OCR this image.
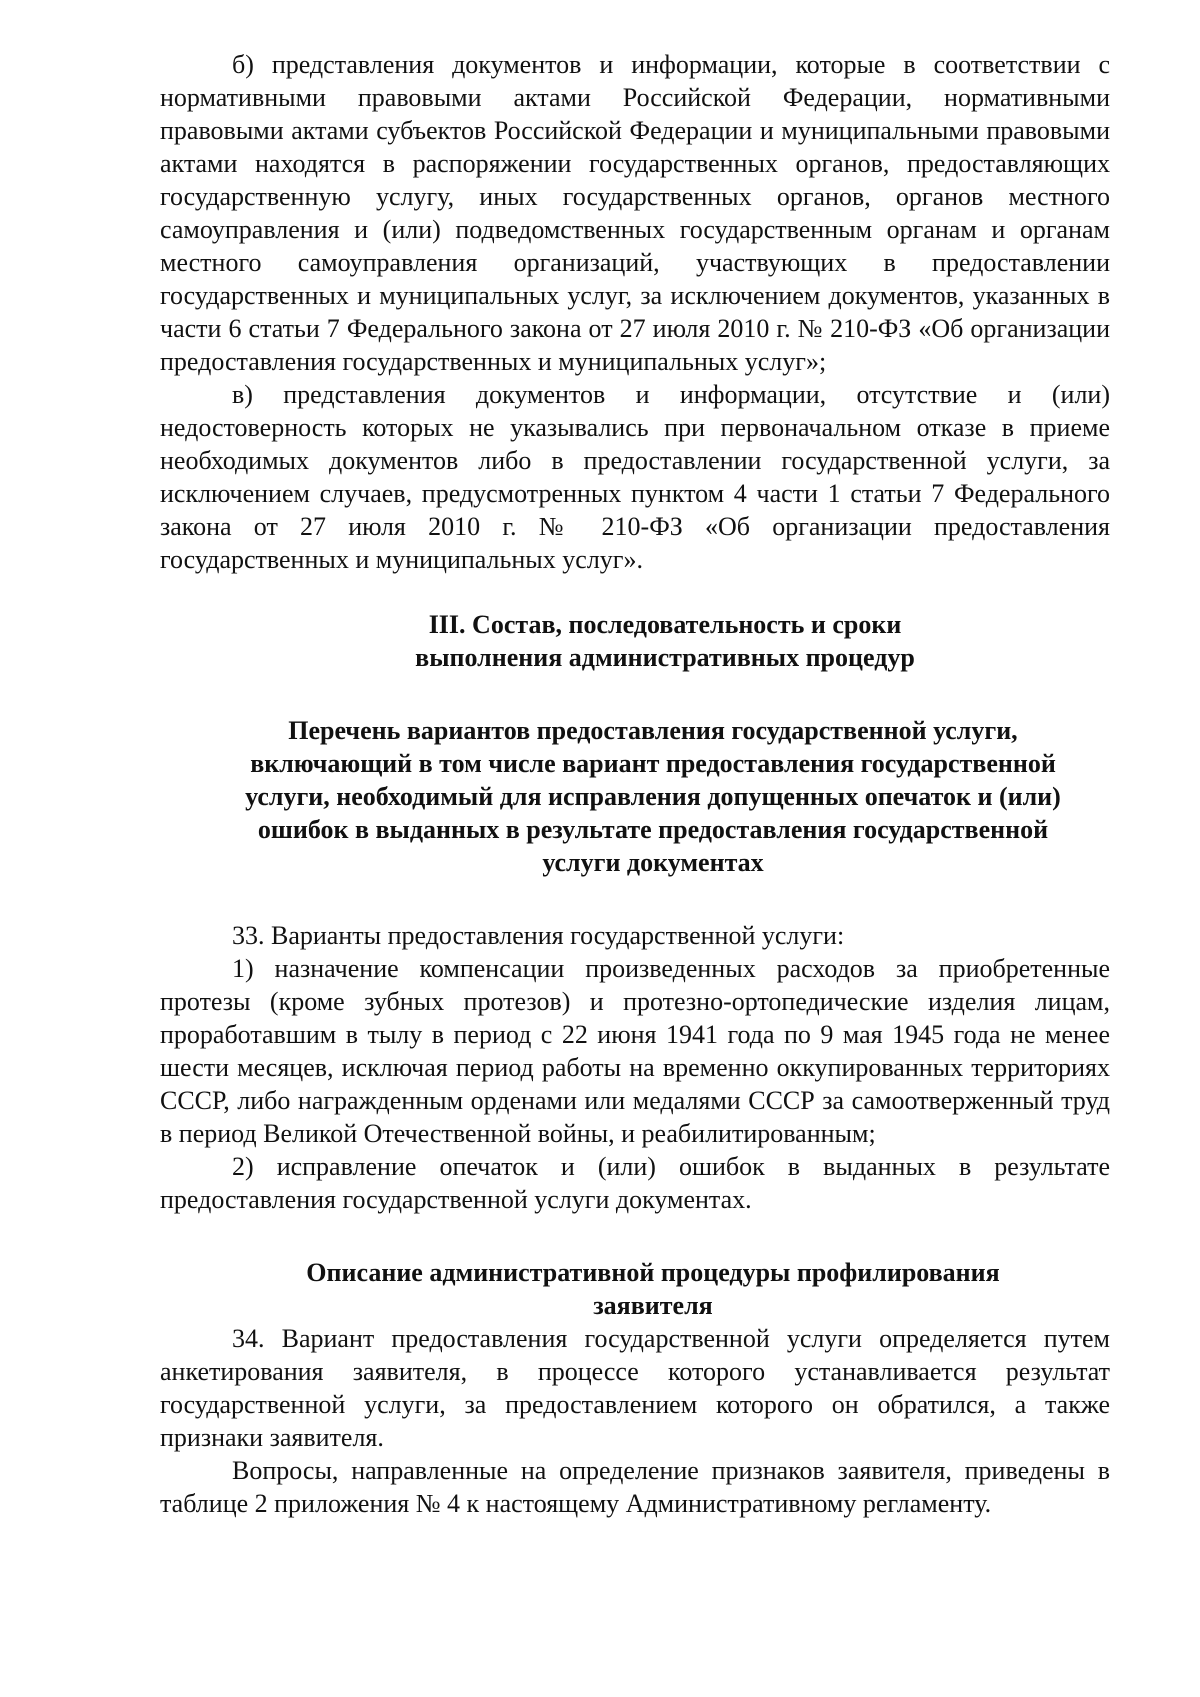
б) представления документов и информации, которые в соответствии с нормативными правовыми актами Российской Федерации, нормативными правовыми актами субъектов Российской Федерации и муниципальными правовыми актами находятся в распоряжении государственных органов, предоставляющих государственную услугу, иных государственных органов, органов местного самоуправления и (или) подведомственных государственным органам и органам местного самоуправления организаций, участвующих в предоставлении государственных и муниципальных услуг, за исключением документов, указанных в части 6 статьи 7 Федерального закона от 27 июля 2010 г. № 210-ФЗ «Об организации предоставления государственных и муниципальных услуг»;

в) представления документов и информации, отсутствие и (или) недостоверность которых не указывались при первоначальном отказе в приеме необходимых документов либо в предоставлении государственной услуги, за исключением случаев, предусмотренных пунктом 4 части 1 статьи 7 Федерального закона от 27 июля 2010 г. № 210-ФЗ «Об организации предоставления государственных и муниципальных услуг».

III. Состав, последовательность и сроки
выполнения административных процедур
Перечень вариантов предоставления государственной услуги,
включающий в том числе вариант предоставления государственной
услуги, необходимый для исправления допущенных опечаток и (или)
ошибок в выданных в результате предоставления государственной
услуги документах

33. Варианты предоставления государственной услуги:

1) назначение компенсации произведенных расходов за приобретенные протезы (кроме зубных протезов) и протезно-ортопедические изделия лицам, проработавшим в тылу в период с 22 июня 1941 года по 9 мая 1945 года не менее шести месяцев, исключая период работы на временно оккупированных территориях СССР, либо награжденным орденами или медалями СССР за самоотверженный труд в период Великой Отечественной войны, и реабилитированным;

2) исправление опечаток и (или) ошибок в выданных в результате предоставления государственной услуги документах.

Описание административной процедуры профилирования
заявителя

34. Вариант предоставления государственной услуги определяется путем анкетирования заявителя, в процессе которого устанавливается результат государственной услуги, за предоставлением которого он обратился, а также признаки заявителя.

Вопросы, направленные на определение признаков заявителя, приведены в таблице 2 приложения № 4 к настоящему Административному регламенту.
